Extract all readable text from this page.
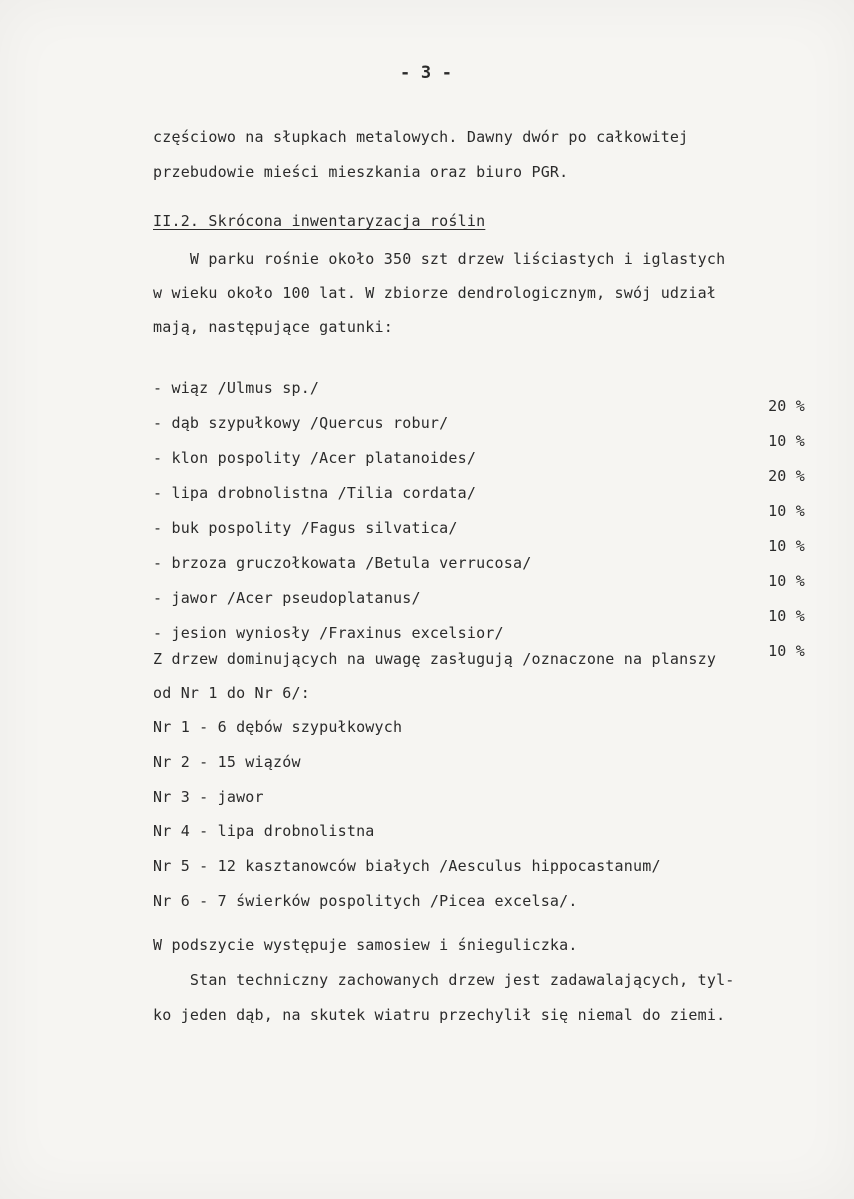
- 3 -
częściowo na słupkach metalowych. Dawny dwór po całkowitej
przebudowie mieści mieszkania oraz biuro PGR.
II.2. Skrócona inwentaryzacja roślin
W parku rośnie około 350 szt drzew liściastych i iglastych
w wieku około 100 lat. W zbiorze dendrologicznym, swój udział
mają, następujące gatunki:

- wiąz /Ulmus sp./

20 %

- dąb szypułkowy /Quercus robur/

10 %

- klon pospolity /Acer platanoides/

20 %

- lipa drobnolistna /Tilia cordata/

10 %

- buk pospolity /Fagus silvatica/

10 %

- brzoza gruczołkowata /Betula verrucosa/

10 %

- jawor /Acer pseudoplatanus/

10 %

- jesion wyniosły /Fraxinus excelsior/

10 %

Z drzew dominujących na uwagę zasługują /oznaczone na planszy
od Nr 1 do Nr 6/:
Nr 1 - 6 dębów szypułkowych
Nr 2 - 15 wiązów
Nr 3 - jawor
Nr 4 - lipa drobnolistna
Nr 5 - 12 kasztanowców białych /Aesculus hippocastanum/
Nr 6 - 7 świerków pospolitych /Picea excelsa/.
W podszycie występuje samosiew i śnieguliczka.
Stan techniczny zachowanych drzew jest zadawalających, tyl-
ko jeden dąb, na skutek wiatru przechylił się niemal do ziemi.
